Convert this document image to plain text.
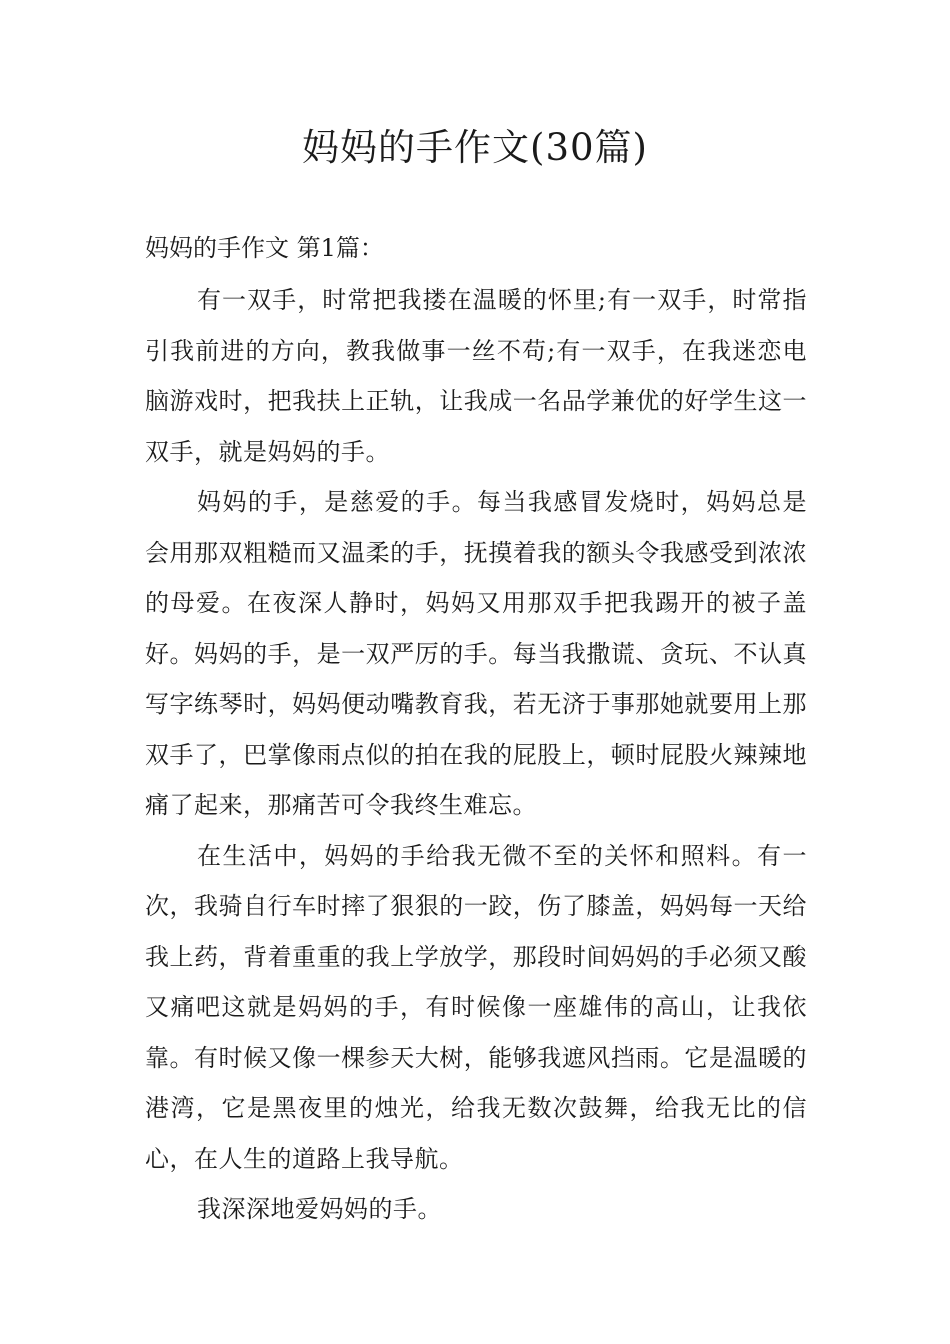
妈妈的手作文(30篇)
妈妈的手作文 第1篇：

有一双手，时常把我搂在温暖的怀里;有一双手，时常指引我前进的方向，教我做事一丝不苟;有一双手，在我迷恋电脑游戏时，把我扶上正轨，让我成一名品学兼优的好学生这一双手，就是妈妈的手。

妈妈的手，是慈爱的手。每当我感冒发烧时，妈妈总是会用那双粗糙而又温柔的手，抚摸着我的额头令我感受到浓浓的母爱。在夜深人静时，妈妈又用那双手把我踢开的被子盖好。妈妈的手，是一双严厉的手。每当我撒谎、贪玩、不认真写字练琴时，妈妈便动嘴教育我，若无济于事那她就要用上那双手了，巴掌像雨点似的拍在我的屁股上，顿时屁股火辣辣地痛了起来，那痛苦可令我终生难忘。

在生活中，妈妈的手给我无微不至的关怀和照料。有一次，我骑自行车时摔了狠狠的一跤，伤了膝盖，妈妈每一天给我上药，背着重重的我上学放学，那段时间妈妈的手必须又酸又痛吧这就是妈妈的手，有时候像一座雄伟的高山，让我依靠。有时候又像一棵参天大树，能够我遮风挡雨。它是温暖的港湾，它是黑夜里的烛光，给我无数次鼓舞，给我无比的信心，在人生的道路上我导航。

我深深地爱妈妈的手。
